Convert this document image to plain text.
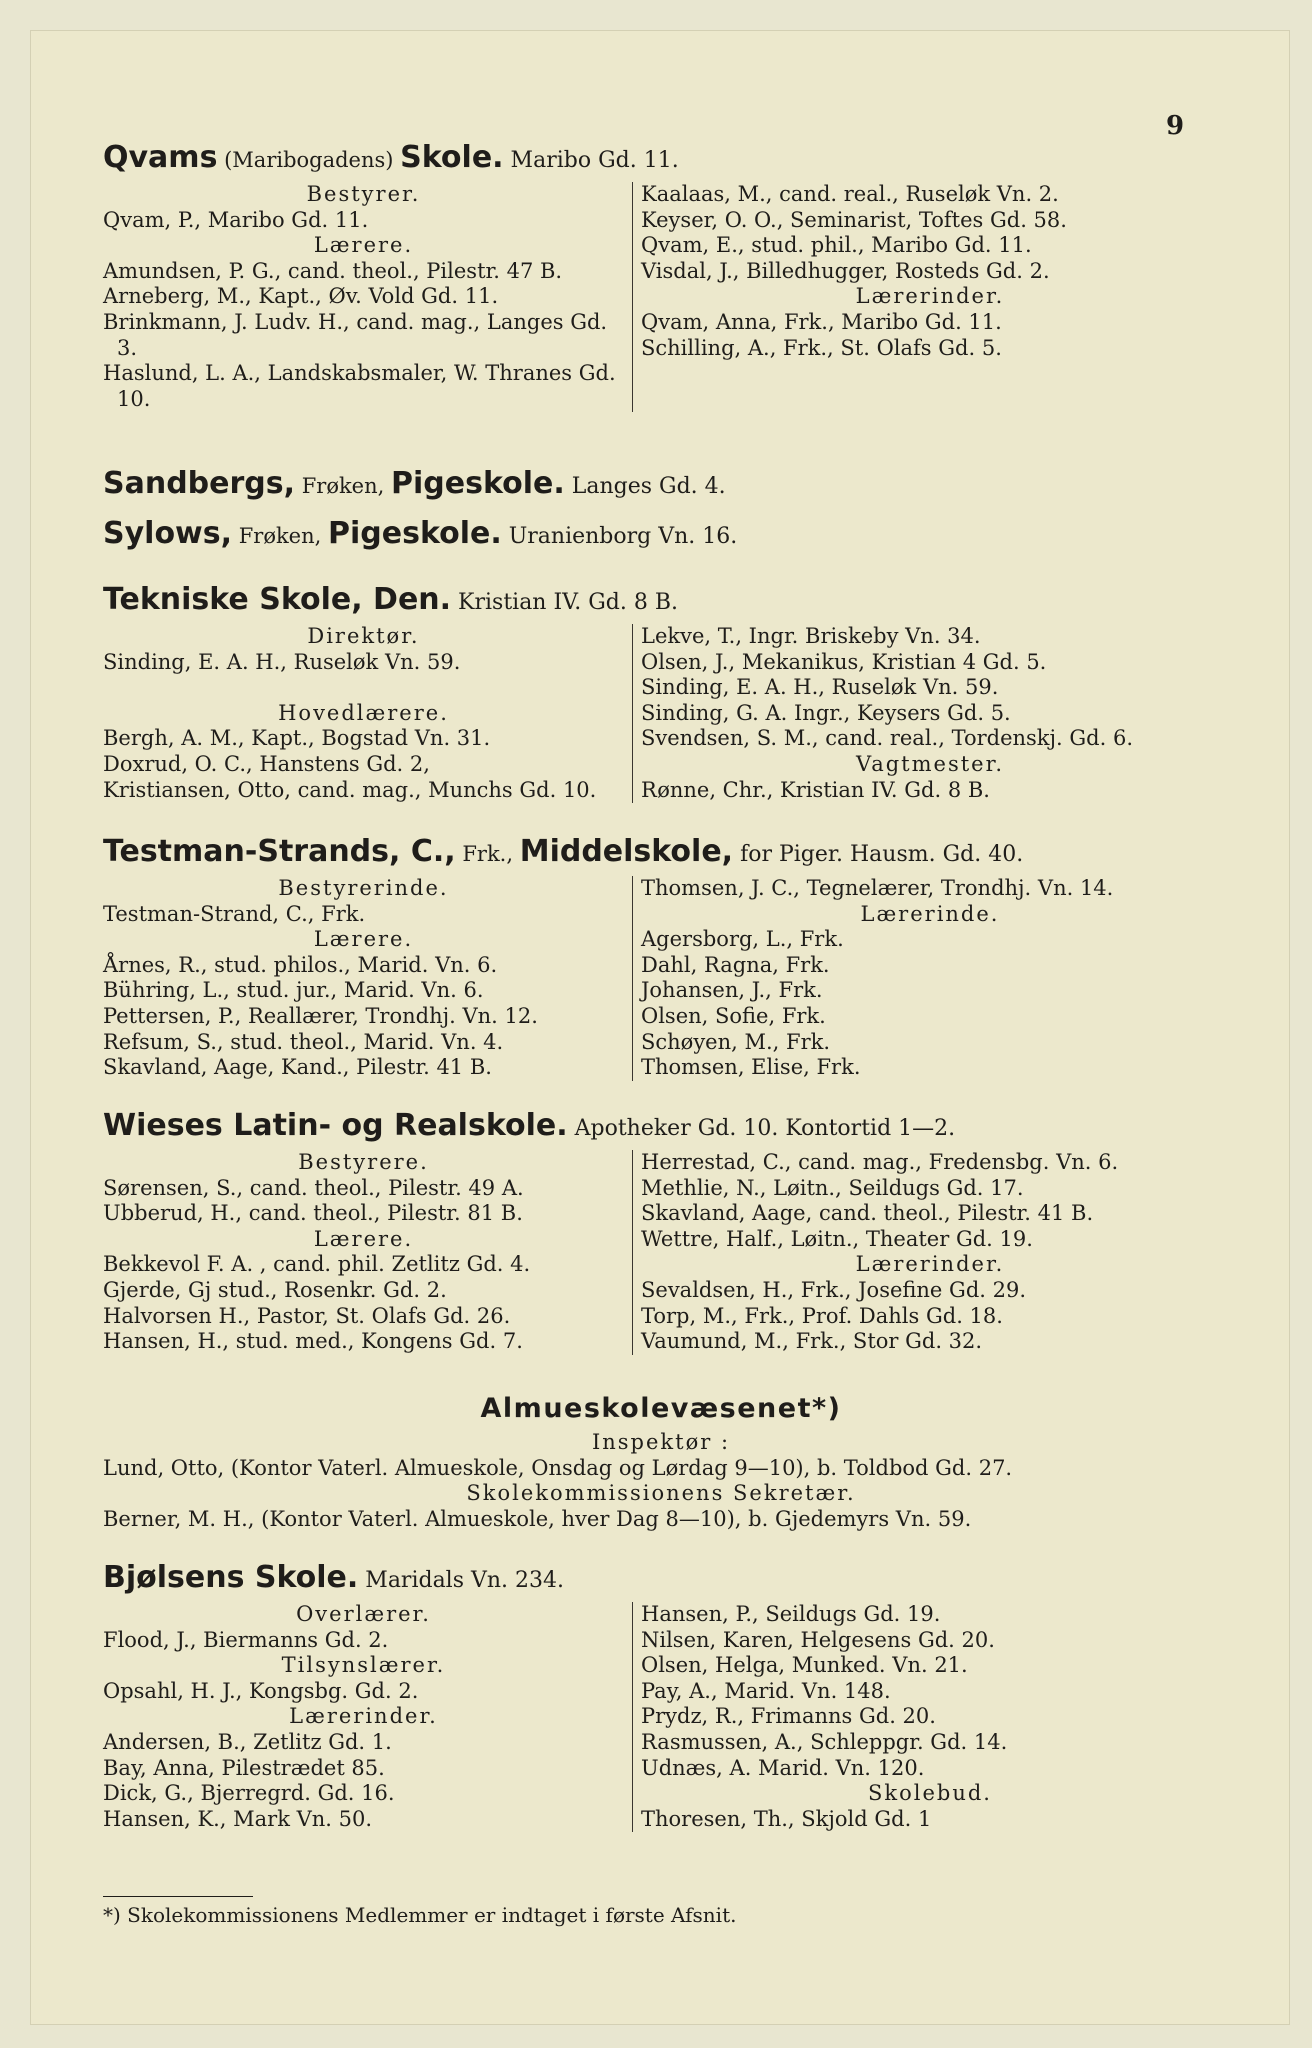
9
Qvams (Maribogadens) Skole. Maribo Gd. 11.
Bestyrer.
Qvam, P., Maribo Gd. 11.
Lærere.
Amundsen, P. G., cand. theol., Pilestr. 47 B.
Arneberg, M., Kapt., Øv. Vold Gd. 11.
Brinkmann, J. Ludv. H., cand. mag., Langes Gd. 3.
Haslund, L. A., Landskabsmaler, W. Thranes Gd. 10.
Kaalaas, M., cand. real., Ruseløk Vn. 2.
Keyser, O. O., Seminarist, Toftes Gd. 58.
Qvam, E., stud. phil., Maribo Gd. 11.
Visdal, J., Billedhugger, Rosteds Gd. 2.
Lærerinder.
Qvam, Anna, Frk., Maribo Gd. 11.
Schilling, A., Frk., St. Olafs Gd. 5.
Sandbergs, Frøken, Pigeskole. Langes Gd. 4.
Sylows, Frøken, Pigeskole. Uranienborg Vn. 16.
Tekniske Skole, Den. Kristian IV. Gd. 8 B.
Direktør.
Sinding, E. A. H., Ruseløk Vn. 59.

Hovedlærere.
Bergh, A. M., Kapt., Bogstad Vn. 31.
Doxrud, O. C., Hanstens Gd. 2,
Kristiansen, Otto, cand. mag., Munchs Gd. 10.
Lekve, T., Ingr. Briskeby Vn. 34.
Olsen, J., Mekanikus, Kristian 4 Gd. 5.
Sinding, E. A. H., Ruseløk Vn. 59.
Sinding, G. A. Ingr., Keysers Gd. 5.
Svendsen, S. M., cand. real., Tordenskj. Gd. 6.
Vagtmester.
Rønne, Chr., Kristian IV. Gd. 8 B.
Testman-Strands, C., Frk., Middelskole, for Piger. Hausm. Gd. 40.
Bestyrerinde.
Testman-Strand, C., Frk.
Lærere.
Årnes, R., stud. philos., Marid. Vn. 6.
Bühring, L., stud. jur., Marid. Vn. 6.
Pettersen, P., Reallærer, Trondhj. Vn. 12.
Refsum, S., stud. theol., Marid. Vn. 4.
Skavland, Aage, Kand., Pilestr. 41 B.
Thomsen, J. C., Tegnelærer, Trondhj. Vn. 14.
Lærerinde.
Agersborg, L., Frk.
Dahl, Ragna, Frk.
Johansen, J., Frk.
Olsen, Sofie, Frk.
Schøyen, M., Frk.
Thomsen, Elise, Frk.
Wieses Latin- og Realskole. Apotheker Gd. 10. Kontortid 1—2.
Bestyrere.
Sørensen, S., cand. theol., Pilestr. 49 A.
Ubberud, H., cand. theol., Pilestr. 81 B.
Lærere.
Bekkevol F. A. , cand. phil. Zetlitz Gd. 4.
Gjerde, Gj stud., Rosenkr. Gd. 2.
Halvorsen H., Pastor, St. Olafs Gd. 26.
Hansen, H., stud. med., Kongens Gd. 7.
Herrestad, C., cand. mag., Fredensbg. Vn. 6.
Methlie, N., Løitn., Seildugs Gd. 17.
Skavland, Aage, cand. theol., Pilestr. 41 B.
Wettre, Half., Løitn., Theater Gd. 19.
Lærerinder.
Sevaldsen, H., Frk., Josefine Gd. 29.
Torp, M., Frk., Prof. Dahls Gd. 18.
Vaumund, M., Frk., Stor Gd. 32.
Almueskolevæsenet*)
Inspektør :
Lund, Otto, (Kontor Vaterl. Almueskole, Onsdag og Lørdag 9—10), b. Toldbod Gd. 27.
Skolekommissionens Sekretær.
Berner, M. H., (Kontor Vaterl. Almueskole, hver Dag 8—10), b. Gjedemyrs Vn. 59.
Bjølsens Skole. Maridals Vn. 234.
Overlærer.
Flood, J., Biermanns Gd. 2.
Tilsynslærer.
Opsahl, H. J., Kongsbg. Gd. 2.
Lærerinder.
Andersen, B., Zetlitz Gd. 1.
Bay, Anna, Pilestrædet 85.
Dick, G., Bjerregrd. Gd. 16.
Hansen, K., Mark Vn. 50.
Hansen, P., Seildugs Gd. 19.
Nilsen, Karen, Helgesens Gd. 20.
Olsen, Helga, Munked. Vn. 21.
Pay, A., Marid. Vn. 148.
Prydz, R., Frimanns Gd. 20.
Rasmussen, A., Schleppgr. Gd. 14.
Udnæs, A. Marid. Vn. 120.
Skolebud.
Thoresen, Th., Skjold Gd. 1
*) Skolekommissionens Medlemmer er indtaget i første Afsnit.
